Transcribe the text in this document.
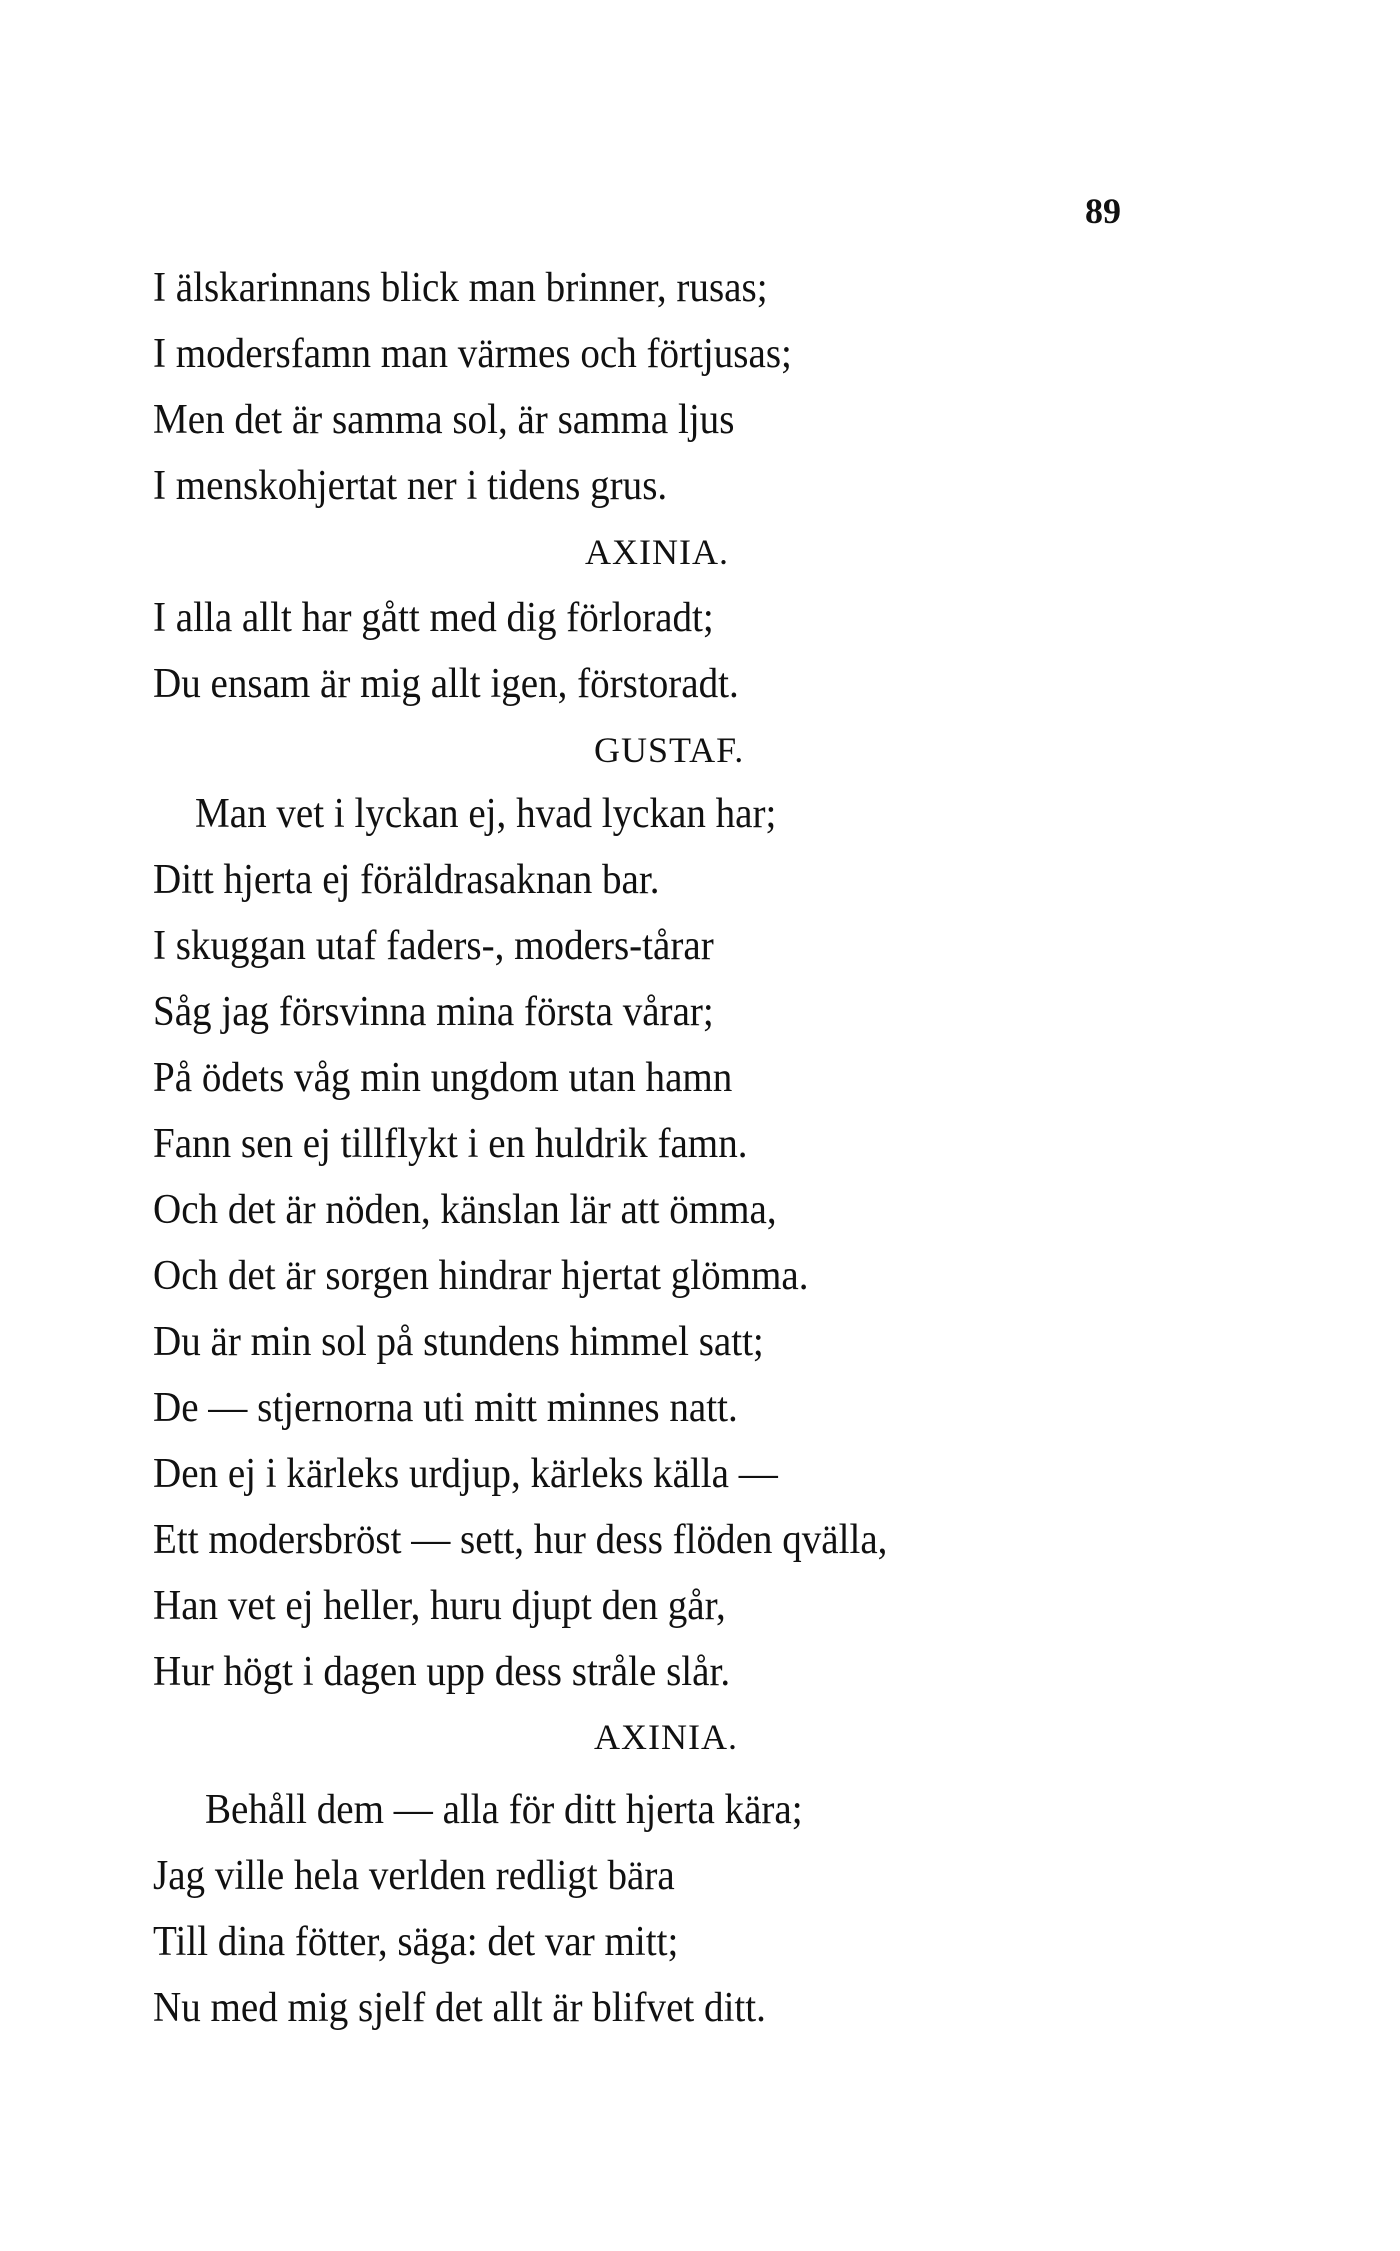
89
I älskarinnans blick man brinner, rusas;
I modersfamn man värmes och förtjusas;
Men det är samma sol, är samma ljus
I menskohjertat ner i tidens grus.
AXINIA.
I alla allt har gått med dig förloradt;
Du ensam är mig allt igen, förstoradt.
GUSTAF.
Man vet i lyckan ej, hvad lyckan har;
Ditt hjerta ej föräldrasaknan bar.
I skuggan utaf faders-, moders-tårar
Såg jag försvinna mina första vårar;
På ödets våg min ungdom utan hamn
Fann sen ej tillflykt i en huldrik famn.
Och det är nöden, känslan lär att ömma,
Och det är sorgen hindrar hjertat glömma.
Du är min sol på stundens himmel satt;
De — stjernorna uti mitt minnes natt.
Den ej i kärleks urdjup, kärleks källa —
Ett modersbröst — sett, hur dess flöden qvälla,
Han vet ej heller, huru djupt den går,
Hur högt i dagen upp dess stråle slår.
AXINIA.
Behåll dem — alla för ditt hjerta kära;
Jag ville hela verlden redligt bära
Till dina fötter, säga: det var mitt;
Nu med mig sjelf det allt är blifvet ditt.
